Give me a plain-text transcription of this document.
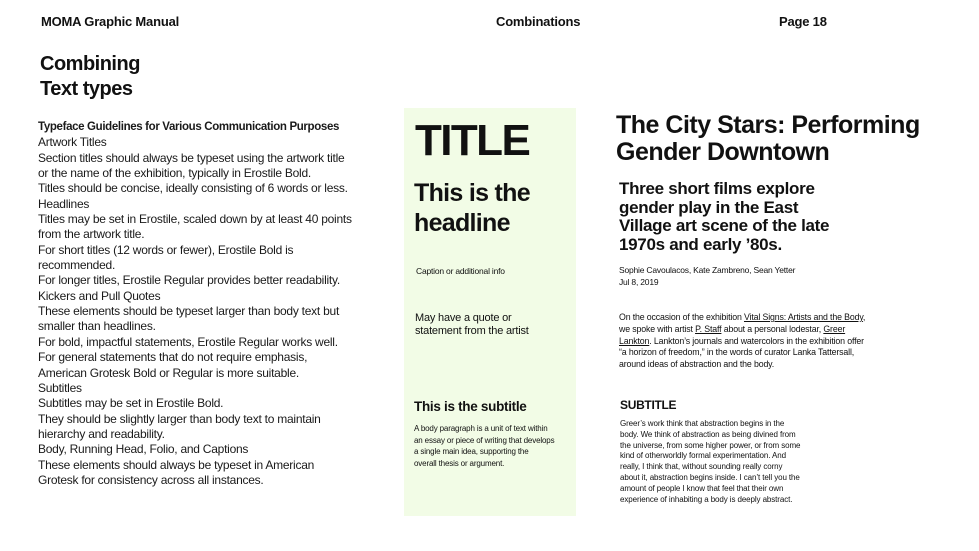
MOMA Graphic Manual	Combinations	Page 18
Combining
Text types
Typeface Guidelines for Various Communication Purposes
Artwork Titles
Section titles should always be typeset using the artwork title
or the name of the exhibition, typically in Erostile Bold.
Titles should be concise, ideally consisting of 6 words or less.
Headlines
Titles may be set in Erostile, scaled down by at least 40 points
from the artwork title.
For short titles (12 words or fewer), Erostile Bold is
recommended.
For longer titles, Erostile Regular provides better readability.
Kickers and Pull Quotes
These elements should be typeset larger than body text but
smaller than headlines.
For bold, impactful statements, Erostile Regular works well.
For general statements that do not require emphasis,
American Grotesk Bold or Regular is more suitable.
Subtitles
Subtitles may be set in Erostile Bold.
They should be slightly larger than body text to maintain
hierarchy and readability.
Body, Running Head, Folio, and Captions
These elements should always be typeset in American
Grotesk for consistency across all instances.
TITLE
This is the
headline
Caption or additional info
May have a quote or
statement from the artist
This is the subtitle
A body paragraph is a unit of text within
an essay or piece of writing that develops
a single main idea, supporting the
overall thesis or argument.
The City Stars: Performing
Gender Downtown
Three short films explore
gender play in the East
Village art scene of the late
1970s and early ’80s.
Sophie Cavoulacos, Kate Zambreno, Sean Yetter
Jul 8, 2019
On the occasion of the exhibition Vital Signs: Artists and the Body,
we spoke with artist P. Staff about a personal lodestar, Greer
Lankton. Lankton’s journals and watercolors in the exhibition offer
“a horizon of freedom,” in the words of curator Lanka Tattersall,
around ideas of abstraction and the body.
SUBTITLE
Greer’s work think that abstraction begins in the
body. We think of abstraction as being divined from
the universe, from some higher power, or from some
kind of otherworldly formal experimentation. And
really, I think that, without sounding really corny
about it, abstraction begins inside. I can’t tell you the
amount of people I know that feel that their own
experience of inhabiting a body is deeply abstract.
